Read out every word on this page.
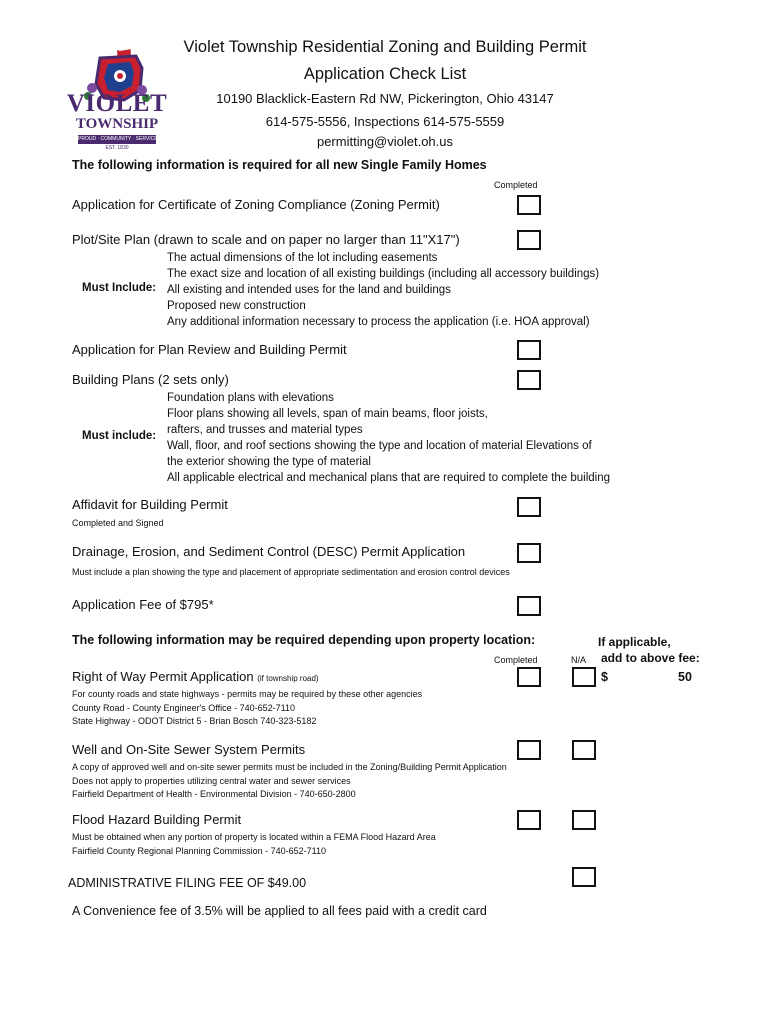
VIOLET
TOWNSHIP
PROUD · COMMUNITY · SERVICE
EST. 1830
Violet Township Residential Zoning and Building Permit
Application Check List
10190 Blacklick-Eastern Rd NW, Pickerington, Ohio 43147
614-575-5556, Inspections 614-575-5559
permitting@violet.oh.us
The following information is required for all new Single Family Homes
Completed
Application for Certificate of Zoning Compliance (Zoning Permit)
Plot/Site Plan (drawn to scale and on paper no larger than 11"X17")
Must Include:
The actual dimensions of the lot including easements
The exact size and location of all existing buildings (including all accessory buildings)
All existing and intended uses for the land and buildings
Proposed new construction
Any additional information necessary to process the application (i.e. HOA approval)
Application for Plan Review and Building Permit
Building Plans (2 sets only)
Must include:
Foundation plans with elevations
Floor plans showing all levels, span of main beams, floor joists,
rafters, and trusses and material types
Wall, floor, and roof sections showing the type and location of material Elevations of
the exterior showing the type of material
All applicable electrical and mechanical plans that are required to complete the building
Affidavit for Building Permit
Completed and Signed
Drainage, Erosion, and Sediment Control (DESC) Permit Application
Must include a plan showing the type and placement of appropriate sedimentation and erosion control devices
Application Fee of $795*
The following information may be required depending upon property location:	If applicable,
Completed	N/A add to above fee:
Right of Way Permit Application (if township road)	$	50
For county roads and state highways - permits may be required by these other agencies
County Road - County Engineer's Office - 740-652-7110
State Highway - ODOT District 5 - Brian Bosch 740-323-5182
Well and On-Site Sewer System Permits
A copy of approved well and on-site sewer permits must be included in the Zoning/Building Permit Application
Does not apply to properties utilizing central water and sewer services
Fairfield Department of Health - Environmental Division - 740-650-2800
Flood Hazard Building Permit
Must be obtained when any portion of property is located within a FEMA Flood Hazard Area
Fairfield County Regional Planning Commission - 740-652-7110
ADMINISTRATIVE FILING FEE OF $49.00
A Convenience fee of 3.5% will be applied to all fees paid with a credit card
